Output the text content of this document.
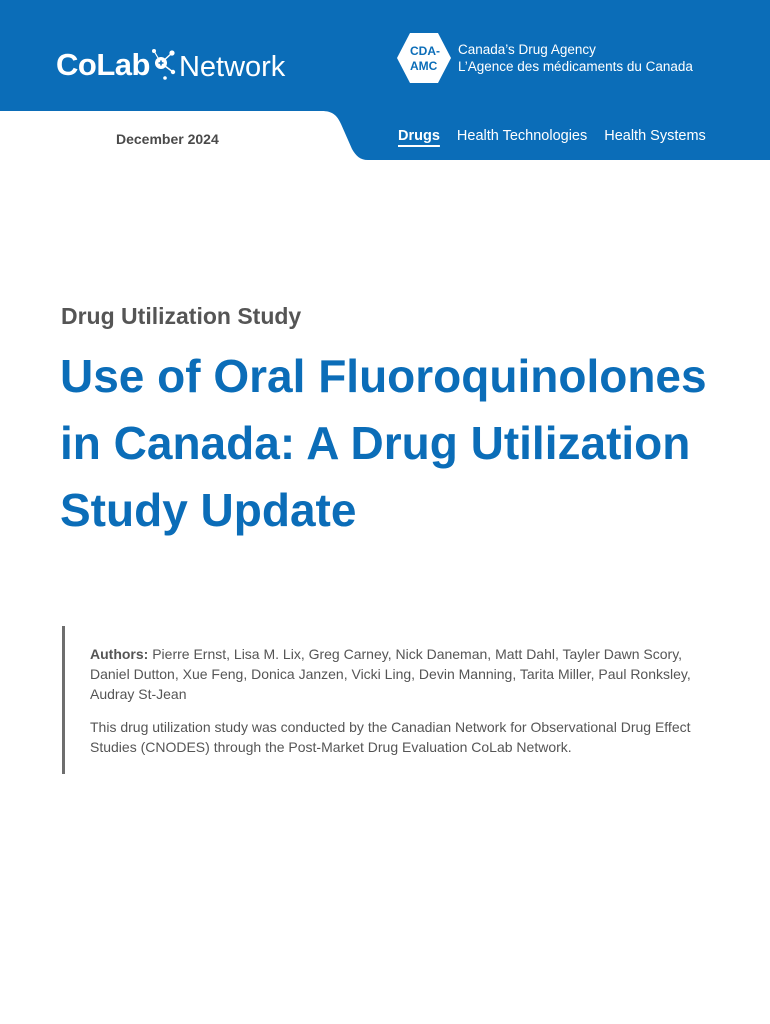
CoLab Network	CDA-
AMC
Canada’s Drug Agency
L’Agence des médicaments du Canada
December 2024	Drugs Health Technologies Health Systems
Drug Utilization Study
Use of Oral Fluoroquinolones in Canada: A Drug Utilization Study Update
Authors: Pierre Ernst, Lisa M. Lix, Greg Carney, Nick Daneman, Matt Dahl, Tayler Dawn Scory, Daniel Dutton, Xue Feng, Donica Janzen, Vicki Ling, Devin Manning, Tarita Miller, Paul Ronksley, Audray St-Jean
This drug utilization study was conducted by the Canadian Network for Observational Drug Effect Studies (CNODES) through the Post-Market Drug Evaluation CoLab Network.
